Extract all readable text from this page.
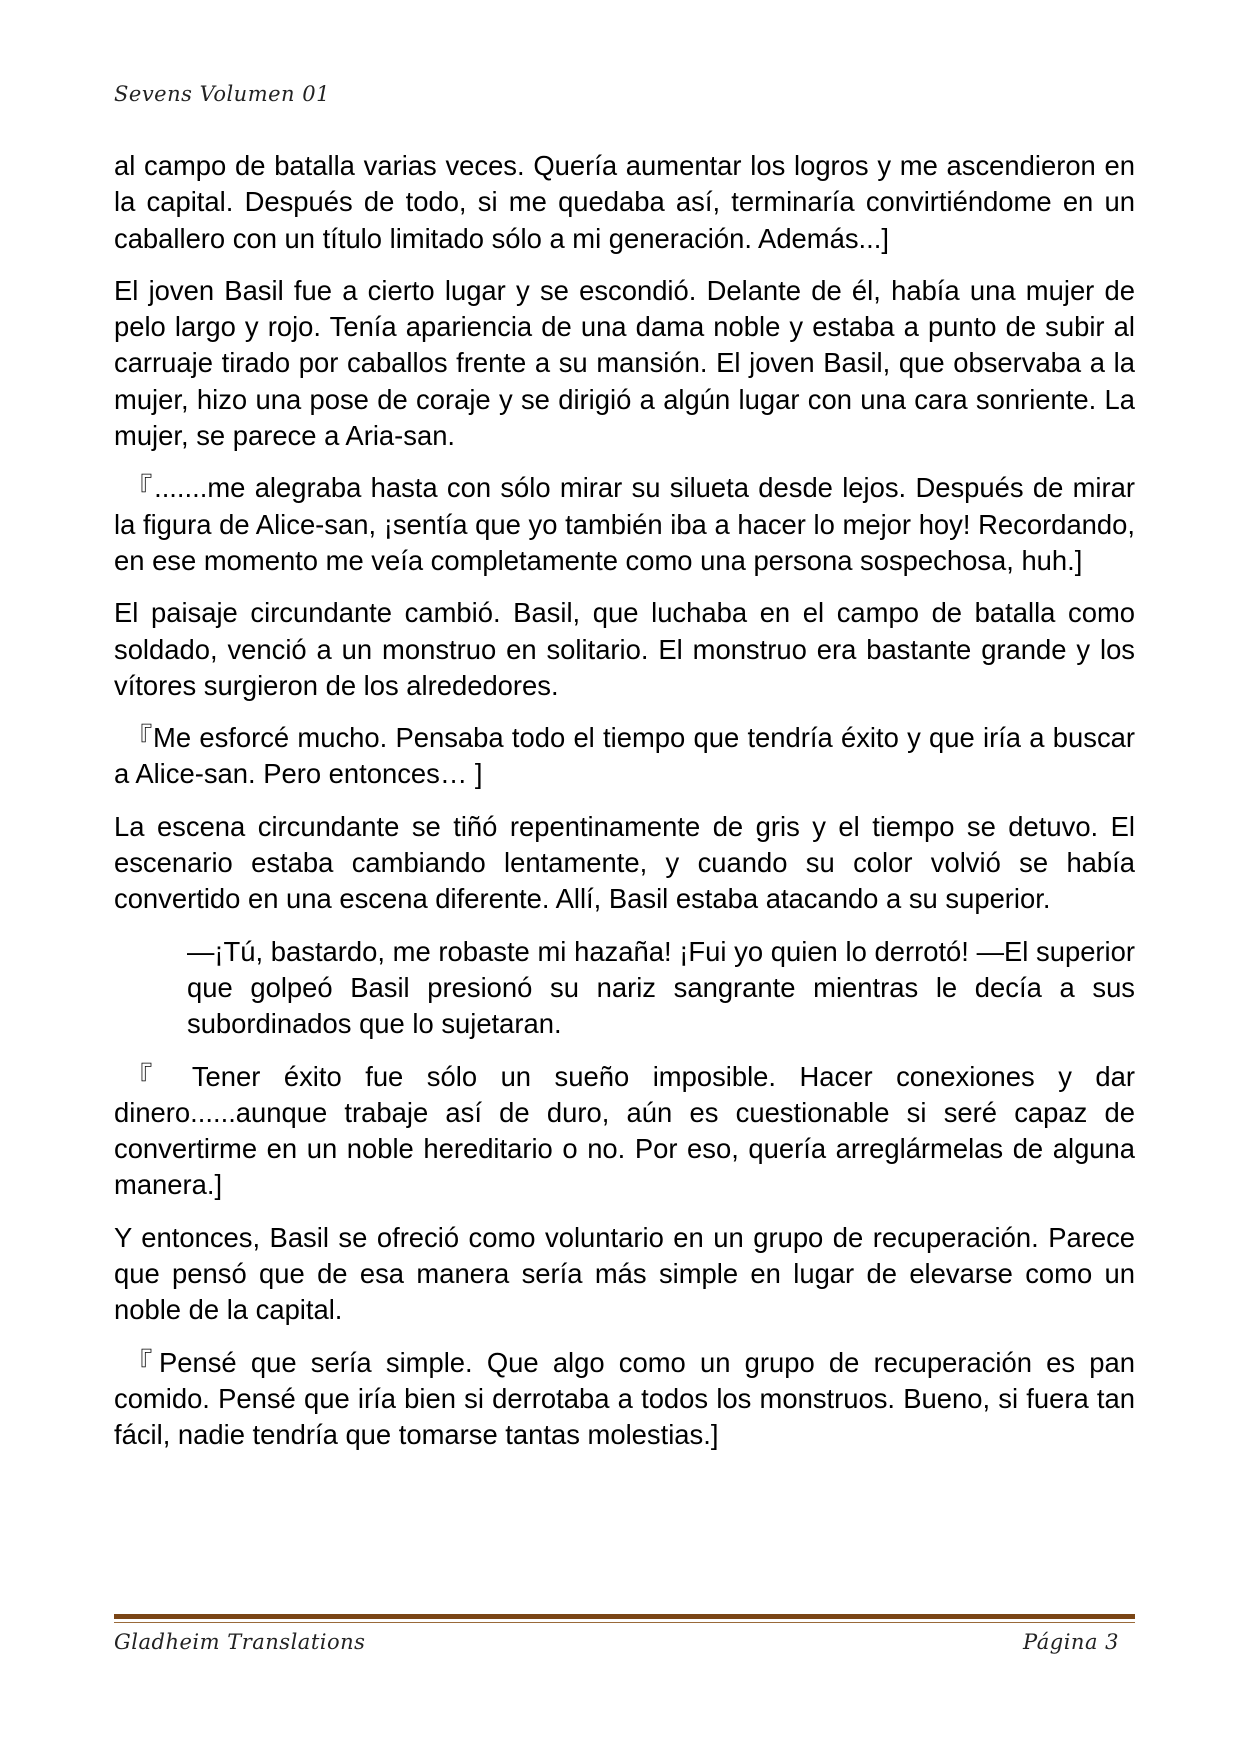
Sevens Volumen 01

al campo de batalla varias veces. Quería aumentar los logros y me ascendieron en la capital. Después de todo, si me quedaba así, terminaría convirtiéndome en un caballero con un título limitado sólo a mi generación. Además...]

El joven Basil fue a cierto lugar y se escondió. Delante de él, había una mujer de pelo largo y rojo. Tenía apariencia de una dama noble y estaba a punto de subir al carruaje tirado por caballos frente a su mansión. El joven Basil, que observaba a la mujer, hizo una pose de coraje y se dirigió a algún lugar con una cara sonriente. La mujer, se parece a Aria-san.

『.......me alegraba hasta con sólo mirar su silueta desde lejos. Después de mirar la figura de Alice-san, ¡sentía que yo también iba a hacer lo mejor hoy! Recordando, en ese momento me veía completamente como una persona sospechosa, huh.]

El paisaje circundante cambió. Basil, que luchaba en el campo de batalla como soldado, venció a un monstruo en solitario. El monstruo era bastante grande y los vítores surgieron de los alrededores.

『Me esforcé mucho. Pensaba todo el tiempo que tendría éxito y que iría a buscar a Alice-san. Pero entonces… ]

La escena circundante se tiñó repentinamente de gris y el tiempo se detuvo. El escenario estaba cambiando lentamente, y cuando su color volvió se había convertido en una escena diferente. Allí, Basil estaba atacando a su superior.

—¡Tú, bastardo, me robaste mi hazaña! ¡Fui yo quien lo derrotó! —El superior que golpeó Basil presionó su nariz sangrante mientras le decía a sus subordinados que lo sujetaran.

『 Tener éxito fue sólo un sueño imposible. Hacer conexiones y dar dinero......aunque trabaje así de duro, aún es cuestionable si seré capaz de convertirme en un noble hereditario o no. Por eso, quería arreglármelas de alguna manera.]

Y entonces, Basil se ofreció como voluntario en un grupo de recuperación. Parece que pensó que de esa manera sería más simple en lugar de elevarse como un noble de la capital.

『Pensé que sería simple. Que algo como un grupo de recuperación es pan comido. Pensé que iría bien si derrotaba a todos los monstruos. Bueno, si fuera tan fácil, nadie tendría que tomarse tantas molestias.]

Gladheim Translations	Página 3
